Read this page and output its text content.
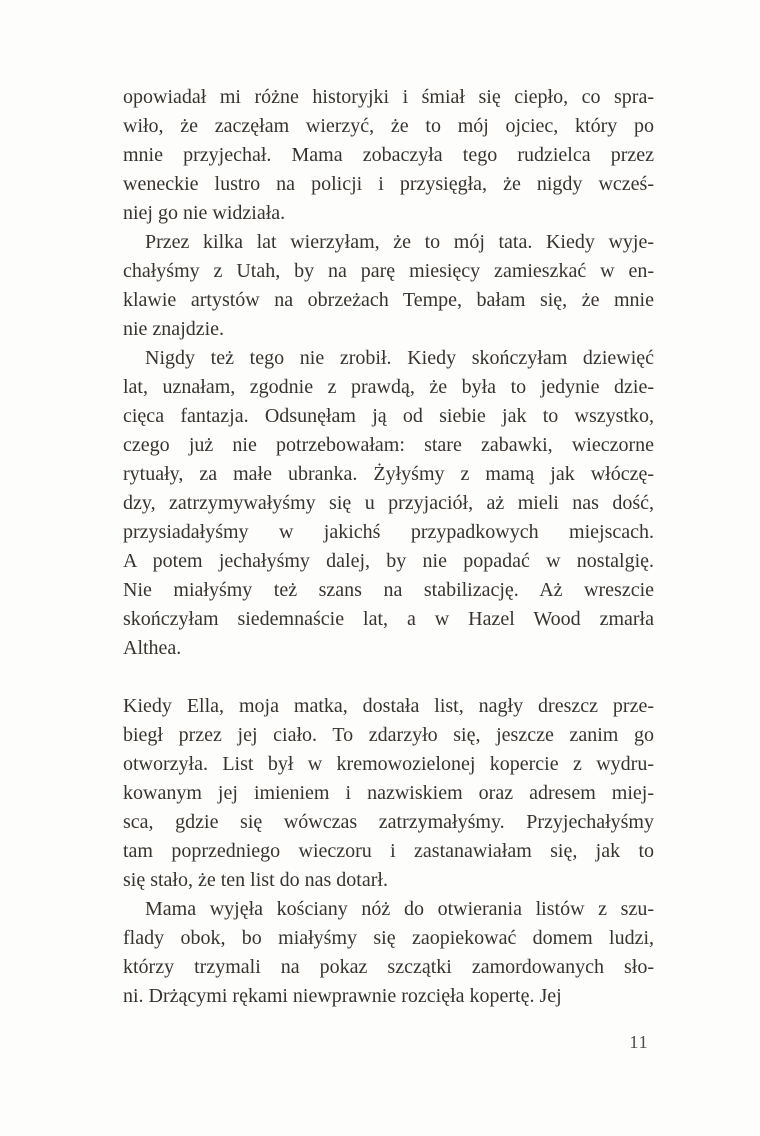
opowiadał mi różne historyjki i śmiał się ciepło, co spra-
wiło, że zaczęłam wierzyć, że to mój ojciec, który po
mnie przyjechał. Mama zobaczyła tego rudzielca przez
weneckie lustro na policji i przysięgła, że nigdy wcześ-
niej go nie widziała.
Przez kilka lat wierzyłam, że to mój tata. Kiedy wyje-
chałyśmy z Utah, by na parę miesięcy zamieszkać w en-
klawie artystów na obrzeżach Tempe, bałam się, że mnie
nie znajdzie.
Nigdy też tego nie zrobił. Kiedy skończyłam dziewięć
lat, uznałam, zgodnie z prawdą, że była to jedynie dzie-
cięca fantazja. Odsunęłam ją od siebie jak to wszystko,
czego już nie potrzebowałam: stare zabawki, wieczorne
rytuały, za małe ubranka. Żyłyśmy z mamą jak włóczę-
dzy, zatrzymywałyśmy się u przyjaciół, aż mieli nas dość,
przysiadałyśmy w jakichś przypadkowych miejscach.
A potem jechałyśmy dalej, by nie popadać w nostalgię.
Nie miałyśmy też szans na stabilizację. Aż wreszcie
skończyłam siedemnaście lat, a w Hazel Wood zmarła
Althea.
Kiedy Ella, moja matka, dostała list, nagły dreszcz prze-
biegł przez jej ciało. To zdarzyło się, jeszcze zanim go
otworzyła. List był w kremowozielonej kopercie z wydru-
kowanym jej imieniem i nazwiskiem oraz adresem miej-
sca, gdzie się wówczas zatrzymałyśmy. Przyjechałyśmy
tam poprzedniego wieczoru i zastanawiałam się, jak to
się stało, że ten list do nas dotarł.
Mama wyjęła kościany nóż do otwierania listów z szu-
flady obok, bo miałyśmy się zaopiekować domem ludzi,
którzy trzymali na pokaz szczątki zamordowanych sło-
ni. Drżącymi rękami niewprawnie rozcięła kopertę. Jej
11
